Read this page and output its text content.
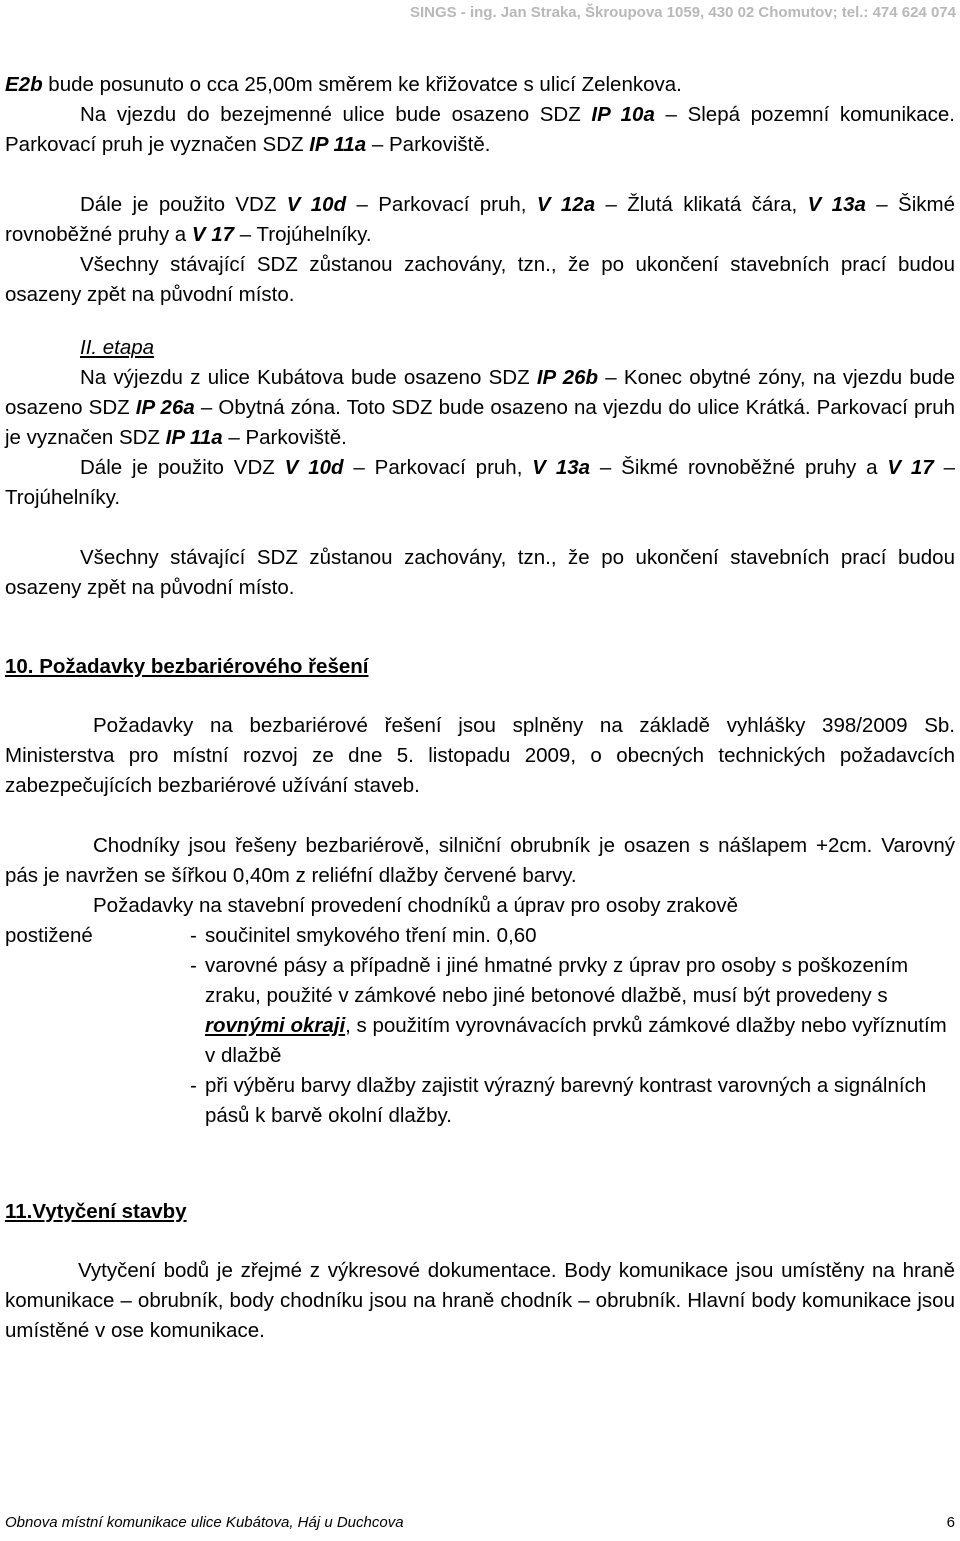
SINGS - ing. Jan Straka, Škroupova 1059, 430 02 Chomutov; tel.: 474 624 074

E2b bude posunuto o cca 25,00m směrem ke křižovatce s ulicí Zelenkova.

Na vjezdu do bezejmenné ulice bude osazeno SDZ IP 10a – Slepá pozemní komunikace. Parkovací pruh je vyznačen SDZ IP 11a – Parkoviště.

Dále je použito VDZ V 10d – Parkovací pruh, V 12a – Žlutá klikatá čára, V 13a – Šikmé rovnoběžné pruhy a V 17 – Trojúhelníky.

Všechny stávající SDZ zůstanou zachovány, tzn., že po ukončení stavebních prací budou osazeny zpět na původní místo.

II. etapa

Na výjezdu z ulice Kubátova bude osazeno SDZ IP 26b – Konec obytné zóny, na vjezdu bude osazeno SDZ IP 26a – Obytná zóna. Toto SDZ bude osazeno na vjezdu do ulice Krátká. Parkovací pruh je vyznačen SDZ IP 11a – Parkoviště.

Dále je použito VDZ V 10d – Parkovací pruh, V 13a – Šikmé rovnoběžné pruhy a V 17 – Trojúhelníky.

Všechny stávající SDZ zůstanou zachovány, tzn., že po ukončení stavebních prací budou osazeny zpět na původní místo.

10. Požadavky bezbariérového řešení

Požadavky na bezbariérové řešení jsou splněny na základě vyhlášky 398/2009 Sb. Ministerstva pro místní rozvoj ze dne 5. listopadu 2009, o obecných technických požadavcích zabezpečujících bezbariérové užívání staveb.

Chodníky jsou řešeny bezbariérově, silniční obrubník je osazen s nášlapem +2cm. Varovný pás je navržen se šířkou 0,40m z reliéfní dlažby červené barvy.

Požadavky na stavební provedení chodníků a úprav pro osoby zrakově

postižené	- součinitel smykového tření min. 0,60
- varovné pásy a případně i jiné hmatné prvky z úprav pro osoby s poškozením zraku, použité v zámkové nebo jiné betonové dlažbě, musí být provedeny s rovnými okraji, s použitím vyrovnávacích prvků zámkové dlažby nebo vyříznutím v dlažbě
- při výběru barvy dlažby zajistit výrazný barevný kontrast varovných a signálních pásů k barvě okolní dlažby.

11.Vytyčení stavby

Vytyčení bodů je zřejmé z výkresové dokumentace. Body komunikace jsou umístěny na hraně komunikace – obrubník, body chodníku jsou na hraně chodník – obrubník. Hlavní body komunikace jsou umístěné v ose komunikace.

Obnova místní komunikace ulice Kubátova, Háj u Duchcova	6
